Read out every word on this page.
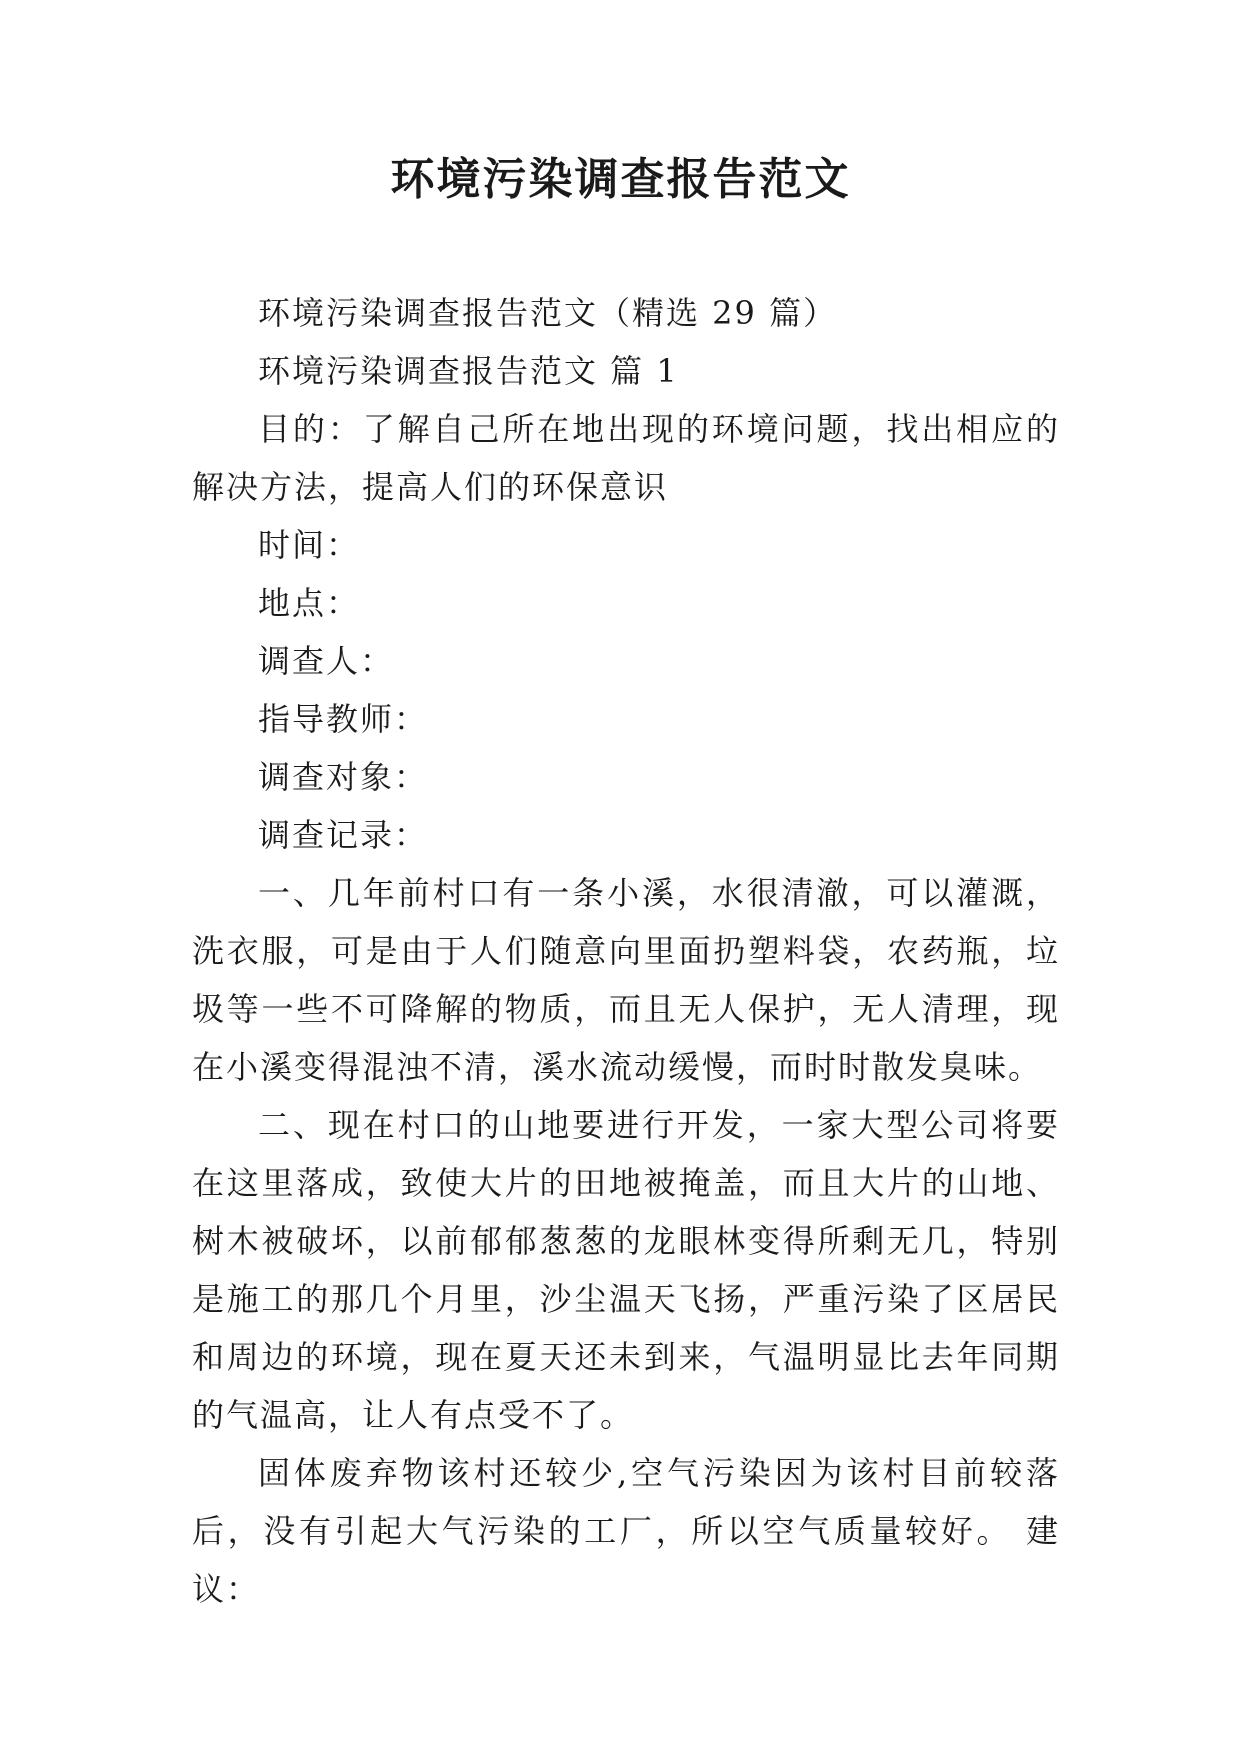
环境污染调查报告范文

环境污染调查报告范文（精选 29 篇）

环境污染调查报告范文 篇 1

目的：了解自己所在地出现的环境问题，找出相应的解决方法，提高人们的环保意识

时间：

地点：

调查人：

指导教师：

调查对象：

调查记录：

一、几年前村口有一条小溪，水很清澈，可以灌溉，洗衣服，可是由于人们随意向里面扔塑料袋，农药瓶，垃圾等一些不可降解的物质，而且无人保护，无人清理，现在小溪变得混浊不清，溪水流动缓慢，而时时散发臭味。

二、现在村口的山地要进行开发，一家大型公司将要在这里落成，致使大片的田地被掩盖，而且大片的山地、树木被破坏，以前郁郁葱葱的龙眼林变得所剩无几，特别是施工的那几个月里，沙尘温天飞扬，严重污染了区居民和周边的环境，现在夏天还未到来，气温明显比去年同期的气温高，让人有点受不了。

固体废弃物该村还较少,空气污染因为该村目前较落后，没有引起大气污染的工厂，所以空气质量较好。 建议：
